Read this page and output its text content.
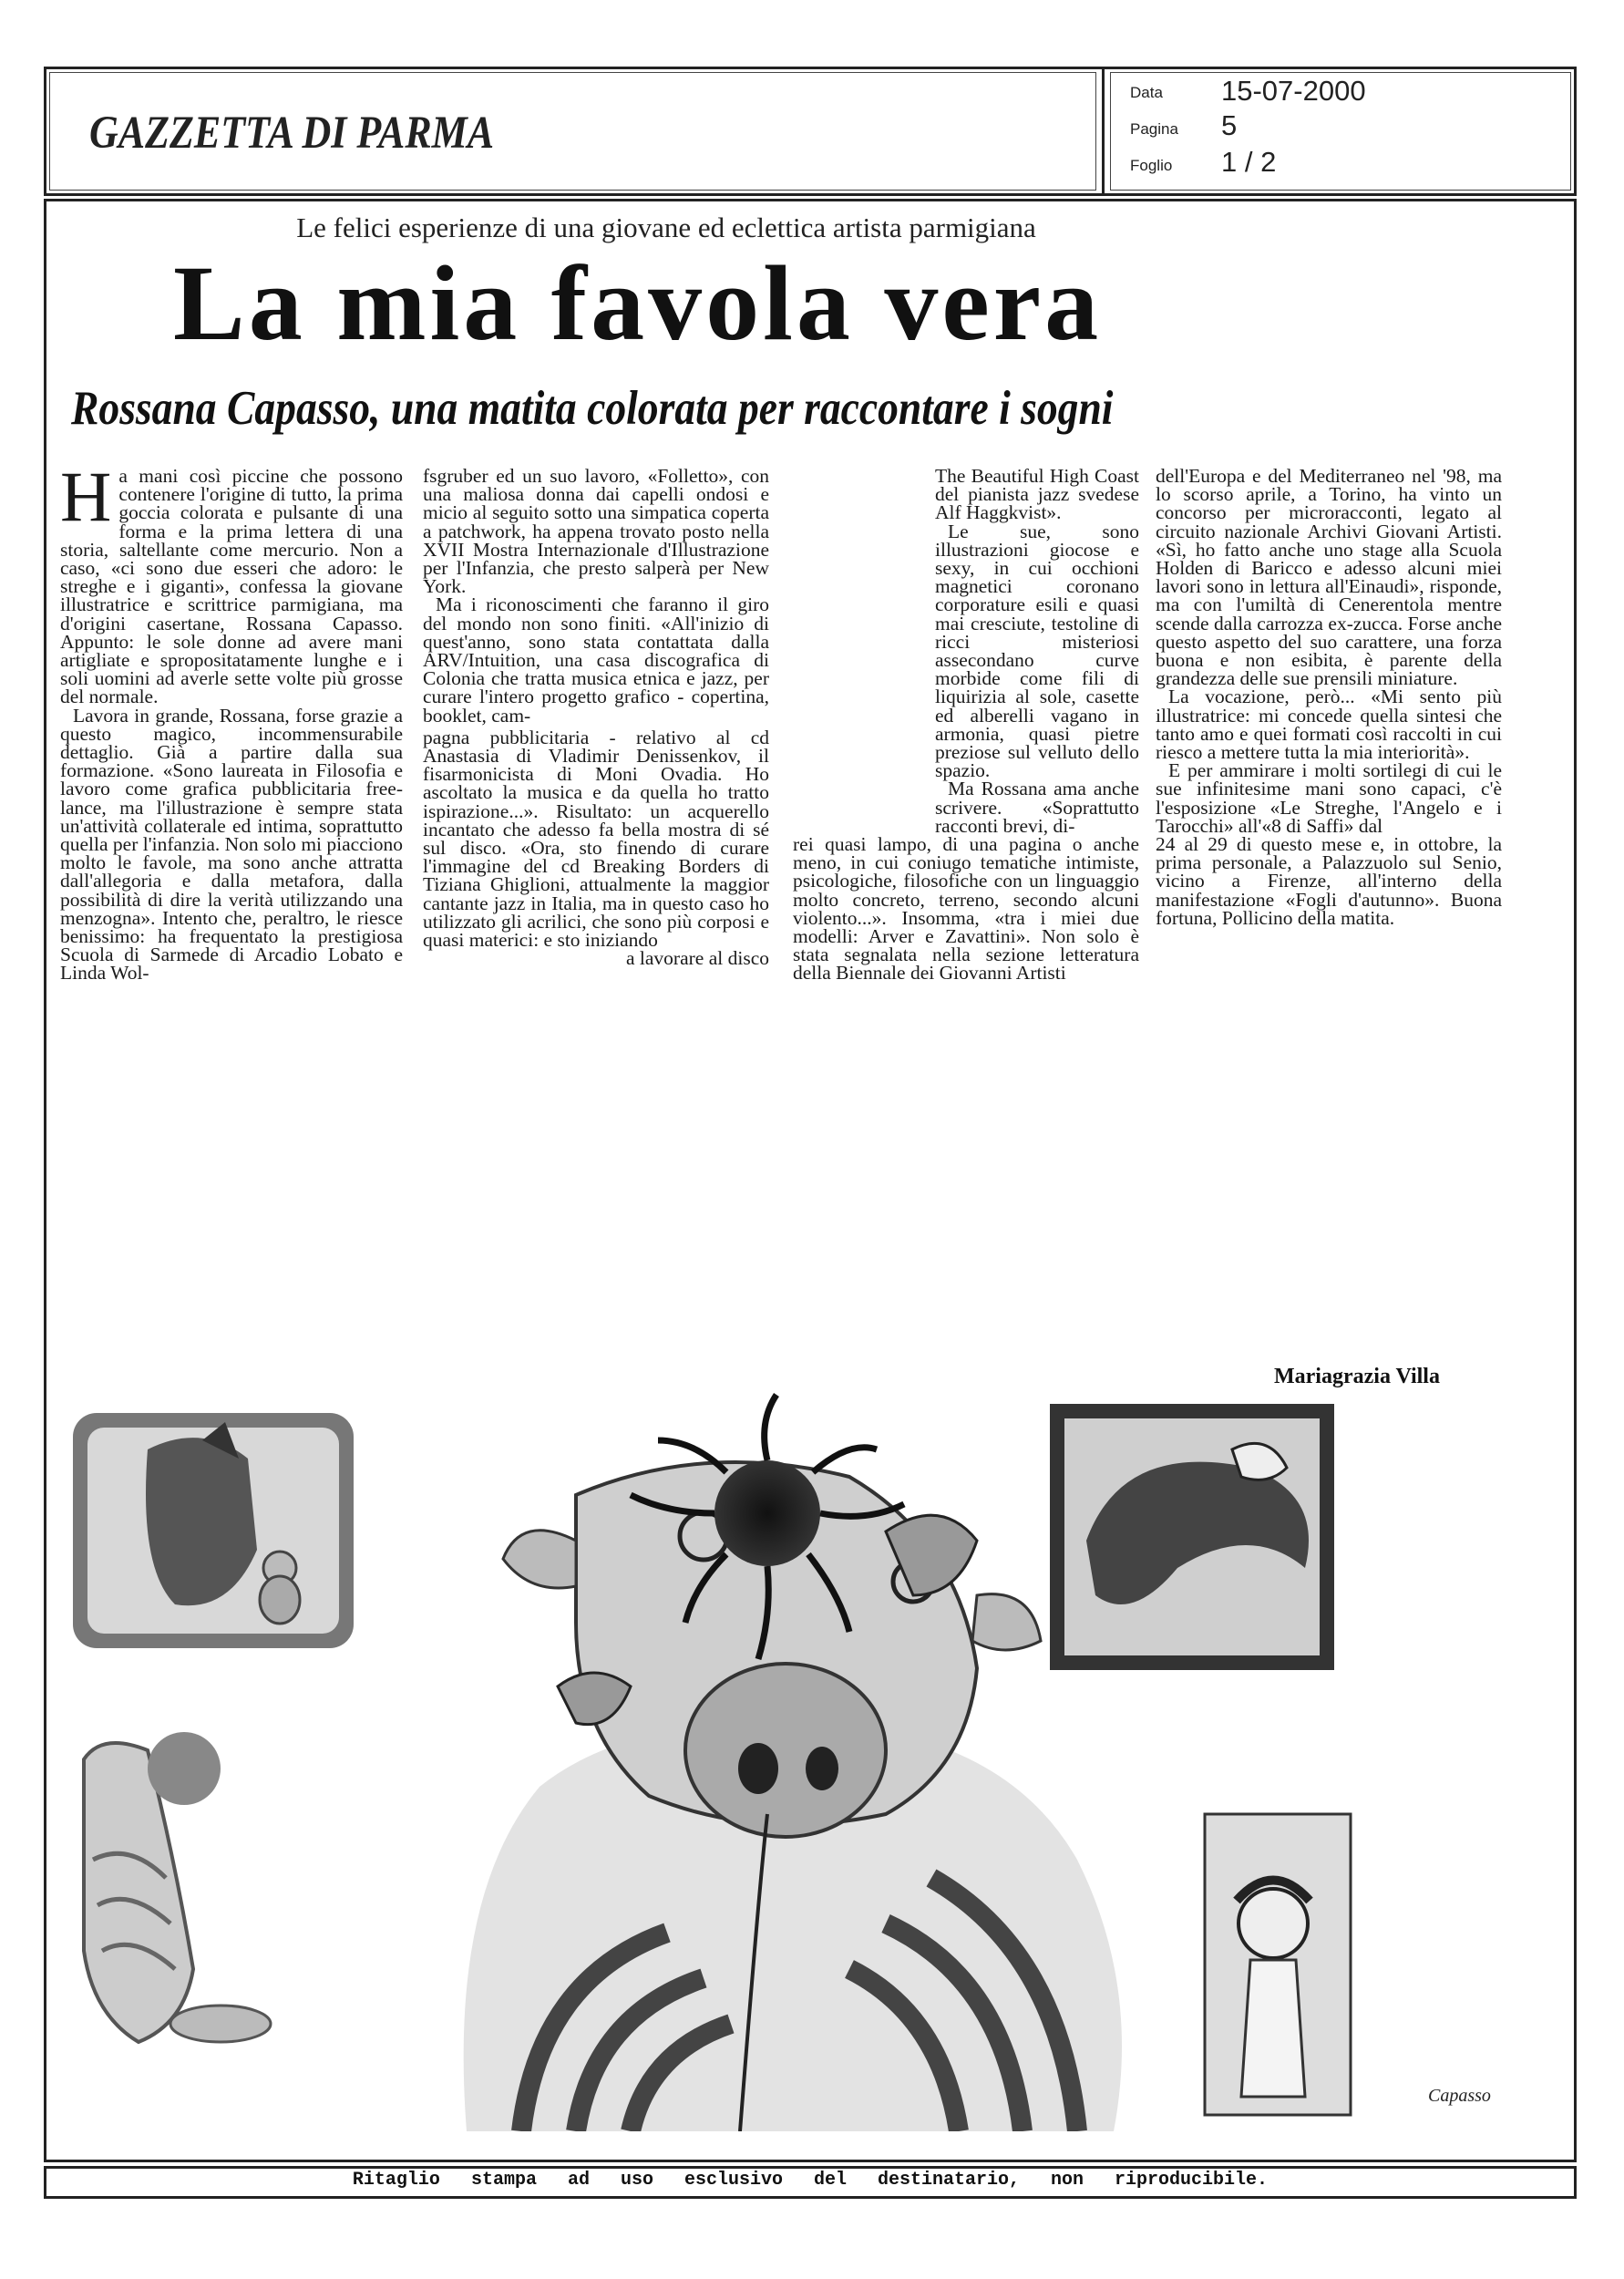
GAZZETTA DI PARMA
Data 15-07-2000
Pagina 5
Foglio 1 / 2
Le felici esperienze di una giovane ed eclettica artista parmigiana
La mia favola vera
Rossana Capasso, una matita colorata per raccontare i sogni
H a mani così piccine che possono contenere l'origine di tutto, la prima goccia colorata e pulsante di una forma e la prima lettera di una storia, saltellante come mercurio. Non a caso, «ci sono due esseri che adoro: le streghe e i giganti», confessa la giovane illustratrice e scrittrice parmigiana, ma d'origini casertane, Rossana Capasso. Appunto: le sole donne ad avere mani artigliate e spropositatamente lunghe e i soli uomini ad averle sette volte più grosse del normale.

Lavora in grande, Rossana, forse grazie a questo magico, incommensurabile dettaglio. Già a partire dalla sua formazione. «Sono laureata in Filosofia e lavoro come grafica pubblicitaria free-lance, ma l'illustrazione è sempre stata un'attività collaterale ed intima, soprattutto quella per l'infanzia. Non solo mi piacciono molto le favole, ma sono anche attratta dall'allegoria e dalla metafora, dalla possibilità di dire la verità utilizzando una menzogna». Intento che, peraltro, le riesce benissimo: ha frequentato la prestigiosa Scuola di Sarmede di Arcadio Lobato e Linda Wol-

fsgruber ed un suo lavoro, «Folletto», con una maliosa donna dai capelli ondosi e micio al seguito sotto una simpatica coperta a patchwork, ha appena trovato posto nella XVII Mostra Internazionale d'Illustrazione per l'Infanzia, che presto salperà per New York.

Ma i riconoscimenti che faranno il giro del mondo non sono finiti. «All'inizio di quest'anno, sono stata contattata dalla ARV/Intuition, una casa discografica di Colonia che tratta musica etnica e jazz, per curare l'intero progetto grafico - copertina, booklet, cam-

pagna pubblicitaria - relativo al cd Anastasia di Vladimir Denissenkov, il fisarmonicista di Moni Ovadia. Ho ascoltato la musica e da quella ho tratto ispirazione...». Risultato: un acquerello incantato che adesso fa bella mostra di sé sul disco. «Ora, sto finendo di curare l'immagine del cd Breaking Borders di Tiziana Ghiglioni, attualmente la maggior cantante jazz in Italia, ma in questo caso ho utilizzato gli acrilici, che sono più corposi e quasi materici: e sto iniziando

a lavorare al disco

The Beautiful High Coast del pianista jazz svedese Alf Haggkvist».

Le sue, sono illustrazioni giocose e sexy, in cui occhioni magnetici coronano corporature esili e quasi mai cresciute, testoline di ricci misteriosi assecondano curve morbide come fili di liquirizia al sole, casette ed alberelli vagano in armonia, quasi pietre preziose sul velluto dello spazio.

Ma Rossana ama anche scrivere. «Soprattutto racconti brevi, di-

rei quasi lampo, di una pagina o anche meno, in cui coniugo tematiche intimiste, psicologiche, filosofiche con un linguaggio molto concreto, terreno, secondo alcuni violento...». Insomma, «tra i miei due modelli: Arver e Zavattini». Non solo è stata segnalata nella sezione letteratura della Biennale dei Giovanni Artisti

dell'Europa e del Mediterraneo nel '98, ma lo scorso aprile, a Torino, ha vinto un concorso per microracconti, legato al circuito nazionale Archivi Giovani Artisti. «Sì, ho fatto anche uno stage alla Scuola Holden di Baricco e adesso alcuni miei lavori sono in lettura all'Einaudi», risponde, ma con l'umiltà di Cenerentola mentre scende dalla carrozza ex-zucca. Forse anche questo aspetto del suo carattere, una forza buona e non esibita, è parente della grandezza delle sue prensili miniature.

La vocazione, però... «Mi sento più illustratrice: mi concede quella sintesi che tanto amo e quei formati così raccolti in cui riesco a mettere tutta la mia interiorità».

E per ammirare i molti sortilegi di cui le sue infinitesime mani sono capaci, c'è l'esposizione «Le Streghe, l'Angelo e i Tarocchi» all'«8 di Saffi» dal

24 al 29 di questo mese e, in ottobre, la prima personale, a Palazzuolo sul Senio, vicino a Firenze, all'interno della manifestazione «Fogli d'autunno». Buona fortuna, Pollicino della matita.

Mariagrazia Villa
Capasso
Ritaglio stampa ad uso esclusivo del destinatario, non riproducibile.
